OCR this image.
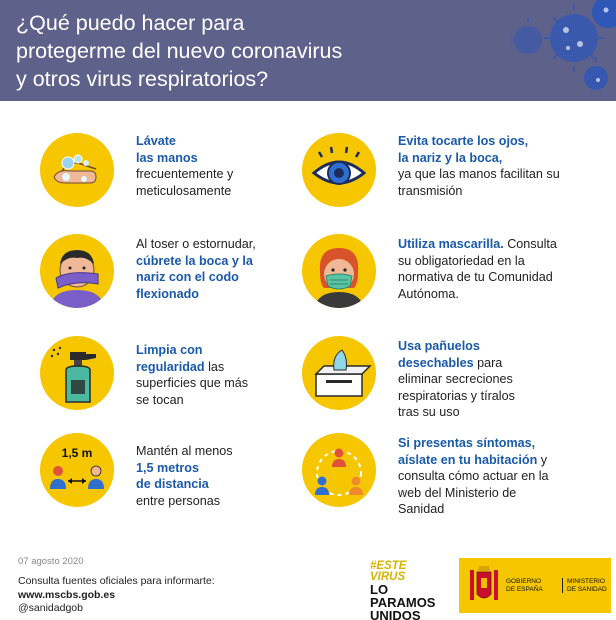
¿Qué puedo hacer para
protegerme del nuevo coronavirus
y otros virus respiratorios?
Lávate
las manos
frecuentemente y
meticulosamente
Evita tocarte los ojos,
la nariz y la boca,
ya que las manos facilitan su
transmisión
Al toser o estornudar,
cúbrete la boca y la
nariz con el codo
flexionado
Utiliza mascarilla. Consulta
su obligatoriedad en la
normativa de tu Comunidad
Autónoma.
Limpia con
regularidad las
superficies que más
se tocan
Usa pañuelos
desechables para
eliminar secreciones
respiratorias y tíralos
tras su uso
1,5 m	Mantén al menos
1,5 metros
de distancia
entre personas
Si presentas síntomas,
aíslate en tu habitación y
consulta cómo actuar en la
web del Ministerio de
Sanidad
07 agosto 2020
Consulta fuentes oficiales para informarte:
www.mscbs.gob.es
@sanidadgob
#ESTE
VIRUS
LO
PARAMOS
UNIDOS
GOBIERNO
DE ESPAÑA
MINISTERIO
DE SANIDAD
